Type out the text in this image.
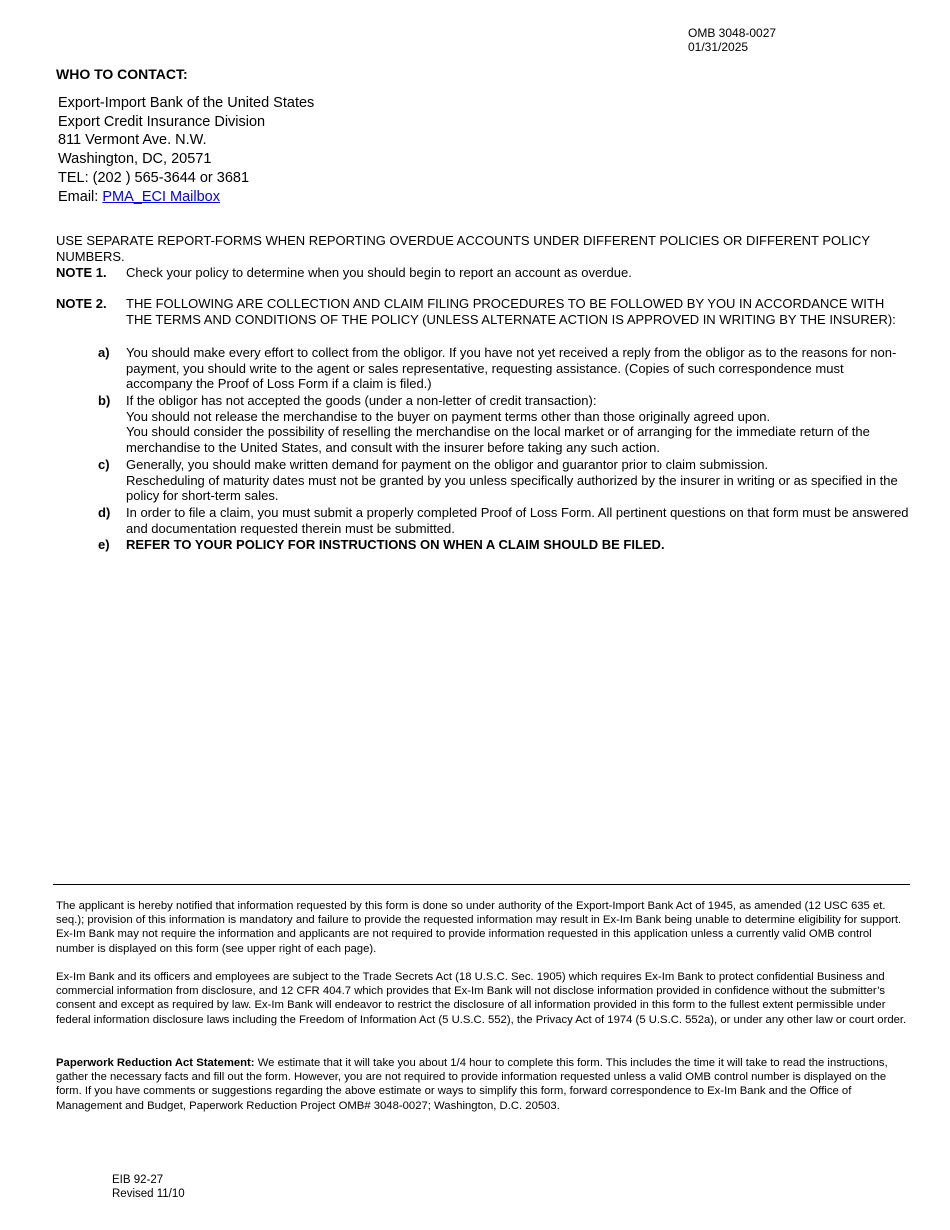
OMB 3048-0027
01/31/2025
WHO TO CONTACT:
Export-Import Bank of the United States
Export Credit Insurance Division
811 Vermont Ave. N.W.
Washington, DC, 20571
TEL: (202 ) 565-3644 or 3681
Email: PMA_ECI Mailbox
USE SEPARATE REPORT-FORMS WHEN REPORTING OVERDUE ACCOUNTS UNDER DIFFERENT POLICIES OR DIFFERENT POLICY NUMBERS.
NOTE 1. Check your policy to determine when you should begin to report an account as overdue.
NOTE 2. THE FOLLOWING ARE COLLECTION AND CLAIM FILING PROCEDURES TO BE FOLLOWED BY YOU IN ACCORDANCE WITH THE TERMS AND CONDITIONS OF THE POLICY (UNLESS ALTERNATE ACTION IS APPROVED IN WRITING BY THE INSURER):
a) You should make every effort to collect from the obligor. If you have not yet received a reply from the obligor as to the reasons for non-payment, you should write to the agent or sales representative, requesting assistance. (Copies of such correspondence must accompany the Proof of Loss Form if a claim is filed.)
b) If the obligor has not accepted the goods (under a non-letter of credit transaction):
You should not release the merchandise to the buyer on payment terms other than those originally agreed upon.
You should consider the possibility of reselling the merchandise on the local market or of arranging for the immediate return of the merchandise to the United States, and consult with the insurer before taking any such action.
c) Generally, you should make written demand for payment on the obligor and guarantor prior to claim submission.
Rescheduling of maturity dates must not be granted by you unless specifically authorized by the insurer in writing or as specified in the policy for short-term sales.
d) In order to file a claim, you must submit a properly completed Proof of Loss Form. All pertinent questions on that form must be answered and documentation requested therein must be submitted.
e) REFER TO YOUR POLICY FOR INSTRUCTIONS ON WHEN A CLAIM SHOULD BE FILED.
The applicant is hereby notified that information requested by this form is done so under authority of the Export-Import Bank Act of 1945, as amended (12 USC 635 et. seq.); provision of this information is mandatory and failure to provide the requested information may result in Ex-Im Bank being unable to determine eligibility for support. Ex-Im Bank may not require the information and applicants are not required to provide information requested in this application unless a currently valid OMB control number is displayed on this form (see upper right of each page).
Ex-Im Bank and its officers and employees are subject to the Trade Secrets Act (18 U.S.C. Sec. 1905) which requires Ex-Im Bank to protect confidential Business and commercial information from disclosure, and 12 CFR 404.7 which provides that Ex-Im Bank will not disclose information provided in confidence without the submitter’s consent and except as required by law. Ex-Im Bank will endeavor to restrict the disclosure of all information provided in this form to the fullest extent permissible under federal information disclosure laws including the Freedom of Information Act (5 U.S.C. 552), the Privacy Act of 1974 (5 U.S.C. 552a), or under any other law or court order.
Paperwork Reduction Act Statement: We estimate that it will take you about 1/4 hour to complete this form. This includes the time it will take to read the instructions, gather the necessary facts and fill out the form. However, you are not required to provide information requested unless a valid OMB control number is displayed on the form. If you have comments or suggestions regarding the above estimate or ways to simplify this form, forward correspondence to Ex-Im Bank and the Office of Management and Budget, Paperwork Reduction Project OMB# 3048-0027; Washington, D.C. 20503.
EIB 92-27
Revised 11/10
